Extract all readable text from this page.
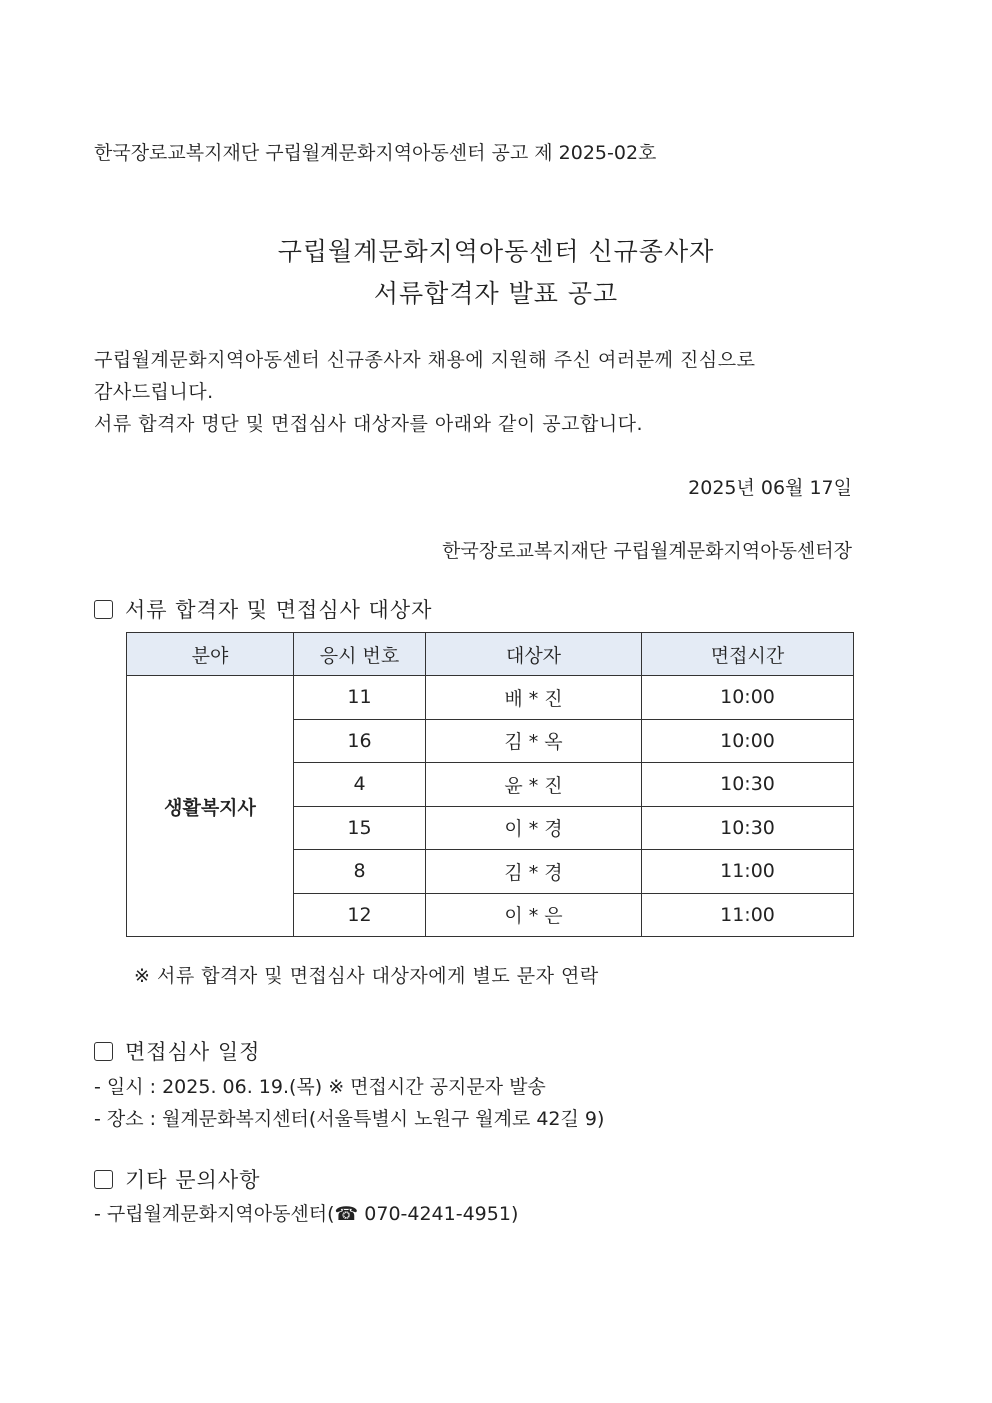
한국장로교복지재단 구립월계문화지역아동센터 공고 제 2025-02호
구립월계문화지역아동센터 신규종사자
서류합격자 발표 공고
구립월계문화지역아동센터 신규종사자 채용에 지원해 주신 여러분께 진심으로
감사드립니다.
서류 합격자 명단 및 면접심사 대상자를 아래와 같이 공고합니다.
2025년 06월 17일
한국장로교복지재단 구립월계문화지역아동센터장
서류 합격자 및 면접심사 대상자
분야	응시 번호	대상자	면접시간
생활복지사	11	배 * 진	10:00
	16	김 * 옥	10:00
	4	윤 * 진	10:30
	15	이 * 경	10:30
	8	김 * 경	11:00
	12	이 * 은	11:00
※ 서류 합격자 및 면접심사 대상자에게 별도 문자 연락
면접심사 일정
- 일시 : 2025. 06. 19.(목) ※ 면접시간 공지문자 발송
- 장소 : 월계문화복지센터(서울특별시 노원구 월계로 42길 9)
기타 문의사항
- 구립월계문화지역아동센터(☎ 070-4241-4951)
